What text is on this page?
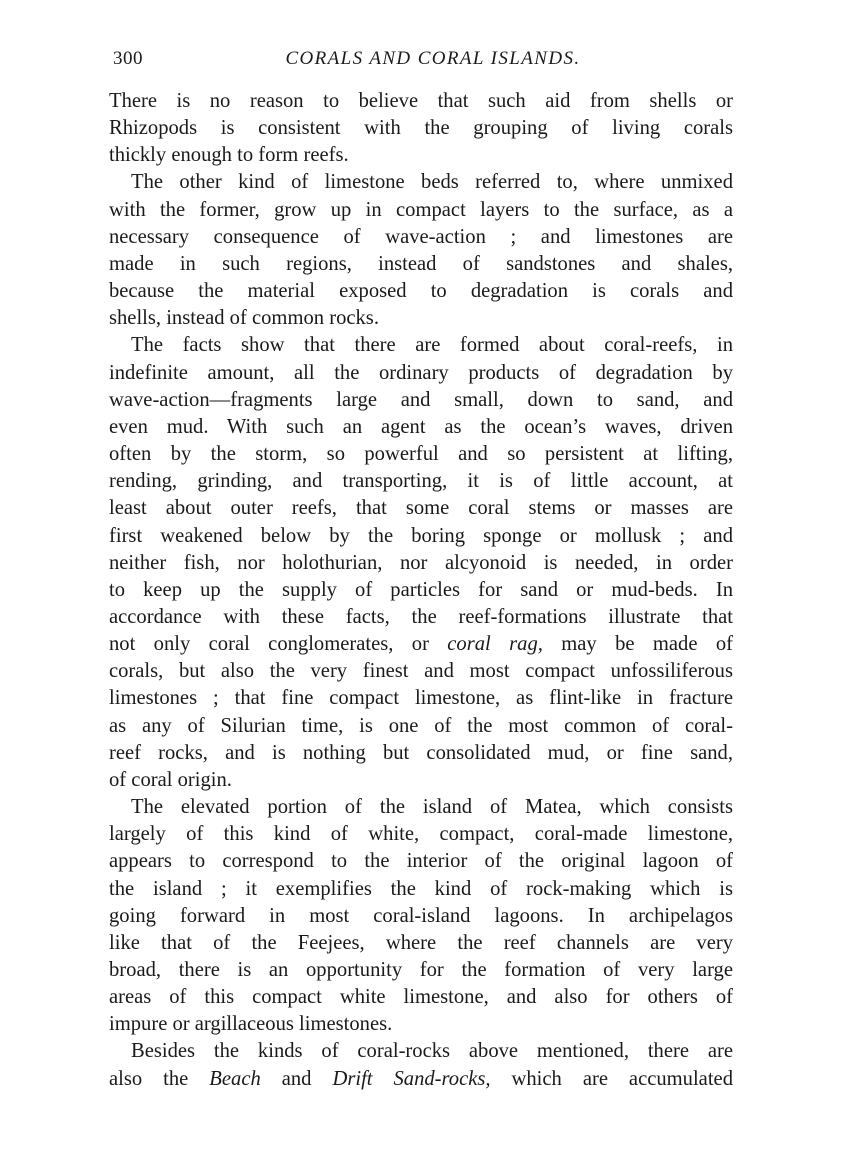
300	CORALS AND CORAL ISLANDS.

There is no reason to believe that such aid from shells or
Rhizopods is consistent with the grouping of living corals
thickly enough to form reefs.

The other kind of limestone beds referred to, where unmixed
with the former, grow up in compact layers to the surface, as a
necessary consequence of wave-action ; and limestones are
made in such regions, instead of sandstones and shales,
because the material exposed to degradation is corals and
shells, instead of common rocks.

The facts show that there are formed about coral-reefs, in
indefinite amount, all the ordinary products of degradation by
wave-action—fragments large and small, down to sand, and
even mud. With such an agent as the ocean’s waves, driven
often by the storm, so powerful and so persistent at lifting,
rending, grinding, and transporting, it is of little account, at
least about outer reefs, that some coral stems or masses are
first weakened below by the boring sponge or mollusk ; and
neither fish, nor holothurian, nor alcyonoid is needed, in order
to keep up the supply of particles for sand or mud-beds. In
accordance with these facts, the reef-formations illustrate that
not only coral conglomerates, or coral rag, may be made of
corals, but also the very finest and most compact unfossiliferous
limestones ; that fine compact limestone, as flint-like in fracture
as any of Silurian time, is one of the most common of coral-
reef rocks, and is nothing but consolidated mud, or fine sand,
of coral origin.

The elevated portion of the island of Matea, which consists
largely of this kind of white, compact, coral-made limestone,
appears to correspond to the interior of the original lagoon of
the island ; it exemplifies the kind of rock-making which is
going forward in most coral-island lagoons. In archipelagos
like that of the Feejees, where the reef channels are very
broad, there is an opportunity for the formation of very large
areas of this compact white limestone, and also for others of
impure or argillaceous limestones.

Besides the kinds of coral-rocks above mentioned, there are
also the Beach and Drift Sand-rocks, which are accumulated
